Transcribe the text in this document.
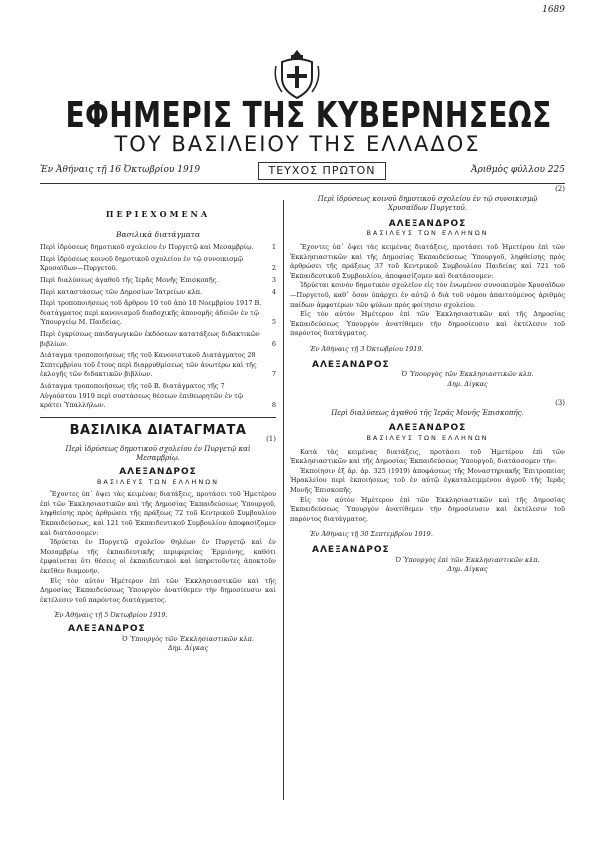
1689
ΕΦΗΜΕΡΙΣ ΤΗΣ ΚΥΒΕΡΝΗΣΕΩΣ
ΤΟΥ ΒΑΣΙΛΕΙΟΥ ΤΗΣ ΕΛΛΑΔΟΣ
Ἐν Ἀθήναις τῇ 16 Ὀκτωβρίου 1919	ΤΕΥΧΟΣ ΠΡΩΤΟΝ	Ἀριθμὸς φύλλου 225
ΠΕΡΙΕΧΟΜΕΝΑ
Βασιλικὰ διατάγματα
Περὶ ἱδρύσεως δημοτικοῦ σχολείου ἐν Πυργετῷ καὶ Μεσαμβρίῳ.	1
Περὶ ἱδρύσεως κοινοῦ δημοτικοῦ σχολείου ἐν τῷ συνοικισμῷ Χρυσαϊδων—Πυργετοῦ.	2
Περὶ διαλύσεως ἀγαθοῦ τῆς Ἱερᾶς Μονῆς Ἐπισκοπῆς.	3
Περὶ καταστάσεως τῶν Δημοσίων Ἰατρείων κλπ.	4
Περὶ τροποποιήσεως τοῦ ἄρθρου 10 τοῦ ἀπὸ 10 Νοεμβρίου 1917 Β. διατάγματος περὶ κανονισμοῦ διαδοχικῆς ἀπονομῆς ἀδειῶν ἐν τῷ Ὑπουργείῳ Μ. Παιδείας.	5
Περὶ ἐγκρίσεως παιδαγωγικῶν ἐκδόσεων κατατάξεως διδακτικῶν βιβλίων.	6
Διάταγμα τροποποιήσεως τῆς τοῦ Κανονιστικοῦ Διατάγματος 28 Σεπτεμβρίου τοῦ ἔτους περὶ διαρρυθμίσεως τῶν ἀνωτέρω καὶ τῆς ἐκλογῆς τῶν διδακτικῶν βιβλίων.	7
Διάταγμα τροποποιήσεως τῆς τοῦ Β. διατάγματος τῆς 7 Αὐγούστου 1919 περὶ συστάσεως θέσεων ἐπιθεωρητῶν ἐν τῷ κράτει Ὑπαλλήλων.	8
ΒΑΣΙΛΙΚΑ ΔΙΑΤΑΓΜΑΤΑ
(1)
Περὶ ἱδρύσεως δημοτικοῦ σχολείου ἐν Πυργετῷ καὶ Μεσαμβρίῳ.
ΑΛΕΞΑΝΔΡΟΣ
ΒΑΣΙΛΕΥΣ ΤΩΝ ΕΛΛΗΝΩΝ

Ἔχοντες ὑπ᾽ ὄψει τὰς κειμένας διατάξεις, προτάσει τοῦ Ἡμετέρου ἐπὶ τῶν Ἐκκλησιαστικῶν καὶ τῆς Δημοσίας Ἐκπαιδεύσεως Ὑπουργοῦ, ληφθείσης πρὸς ἀρθρώσει τῆς πράξεως 72 τοῦ Κεντρικοῦ Συμβουλίου Ἐκπαιδεύσεως, καὶ 121 τοῦ Ἐκπαιδευτικοῦ Συμβουλίου ἀποφασίζομεν καὶ διατάσσομεν:

Ἱδρύεται ἐν Πυργετῷ σχολεῖον θηλέων ἐν Πυργετῷ καὶ ἐν Μεσαμβρίῳ τῆς ἐκπαιδευτικῆς περιφερείας Ἐρμιόνης, καθότι ἐμφαίνεται ὅτι θέσεις οἱ ἐκπαιδευτικοὶ καὶ ὑπηρετοῦντες ἀποκτοῦν ἐκεῖθεν διαμονήν.

Εἰς τὸν αὐτὸν Ἡμέτερον ἐπὶ τῶν Ἐκκλησιαστικῶν καὶ τῆς Δημοσίας Ἐκπαιδεύσεως Ὑπουργὸν ἀνατίθεμεν τὴν δημοσίευσιν καὶ ἐκτέλεσιν τοῦ παρόντος διατάγματος.

Ἐν Ἀθήναις τῇ 5 Ὀκτωβρίου 1919.
ΑΛΕΞΑΝΔΡΟΣ
Ὁ Ὑπουργὸς τῶν Ἐκκλησιαστικῶν κλπ.
Δημ. Δίγκας
(2)
Περὶ ἱδρύσεως κοινοῦ δημοτικοῦ σχολείου ἐν τῷ συνοικισμῷ Χρυσαϊδων Πυργετοῦ.
ΑΛΕΞΑΝΔΡΟΣ
ΒΑΣΙΛΕΥΣ ΤΩΝ ΕΛΛΗΝΩΝ

Ἔχοντες ὑπ᾽ ὄψει τὰς κειμένας διατάξεις, προτάσει τοῦ Ἡμετέρου ἐπὶ τῶν Ἐκκλησιαστικῶν καὶ τῆς Δημοσίας Ἐκπαιδεύσεως Ὑπουργοῦ, ληφθείσης πρὸς ἀρθρώσει τῆς πράξεως 37 τοῦ Κεντρικοῦ Συμβουλίου Παιδείας καὶ 721 τοῦ Ἐκπαιδευτικοῦ Συμβουλίου, ἀποφασίζομεν καὶ διατάσσομεν:

Ἱδρύεται κοινὸν δημοτικὸν σχολεῖον εἰς τὸν ἑνωμένον συνοικισμὸν Χρυσαϊδων—Πυργετοῦ, καθ᾽ ὅσον ὑπάρχει ἐν αὐτῷ ὁ διὰ τοῦ νόμου ἀπαιτούμενος ἀριθμὸς παίδων ἀμφοτέρων τῶν φύλων πρὸς φοίτησιν σχολείου.

Εἰς τὸν αὐτὸν Ἡμέτερον ἐπὶ τῶν Ἐκκλησιαστικῶν καὶ τῆς Δημοσίας Ἐκπαιδεύσεως Ὑπουργὸν ἀνατίθεμεν τὴν δημοσίευσιν καὶ ἐκτέλεσιν τοῦ παρόντος διατάγματος.

Ἐν Ἀθήναις τῇ 3 Ὀκτωβρίου 1919.
ΑΛΕΞΑΝΔΡΟΣ
Ὁ Ὑπουργὸς τῶν Ἐκκλησιαστικῶν κλπ.
Δημ. Δίγκας
(3)
Περὶ διαλύσεως ἀγαθοῦ τῆς Ἱερᾶς Μονῆς Ἐπισκοπῆς.
ΑΛΕΞΑΝΔΡΟΣ
ΒΑΣΙΛΕΥΣ ΤΩΝ ΕΛΛΗΝΩΝ

Κατὰ τὰς κειμένας διατάξεις, προτάσει τοῦ Ἡμετέρου ἐπὶ τῶν Ἐκκλησιαστικῶν καὶ τῆς Δημοσίας Ἐκπαιδεύσεως Ὑπουργοῦ, διατάσσομεν τὴν:

Ἐκποίησιν ἐξ ἀρ. ἀρ. 325 (1919) ἀποφάσεως τῆς Μοναστηριακῆς Ἐπιτροπείας Ἡρακλείου περὶ ἐκποιήσεως τοῦ ἐν αὐτῷ ἐγκαταλειμμένου ἀγροῦ τῆς Ἱερᾶς Μονῆς Ἐπισκοπῆς.

Εἰς τὸν αὐτὸν Ἡμέτερον ἐπὶ τῶν Ἐκκλησιαστικῶν καὶ τῆς Δημοσίας Ἐκπαιδεύσεως Ὑπουργὸν ἀνατίθεμεν τὴν δημοσίευσιν καὶ ἐκτέλεσιν τοῦ παρόντος διατάγματος.

Ἐν Ἀθήναις τῇ 30 Σεπτεμβρίου 1919.
ΑΛΕΞΑΝΔΡΟΣ
Ὁ Ὑπουργὸς ἐπὶ τῶν Ἐκκλησιαστικῶν κλπ.
Δημ. Δίγκας
